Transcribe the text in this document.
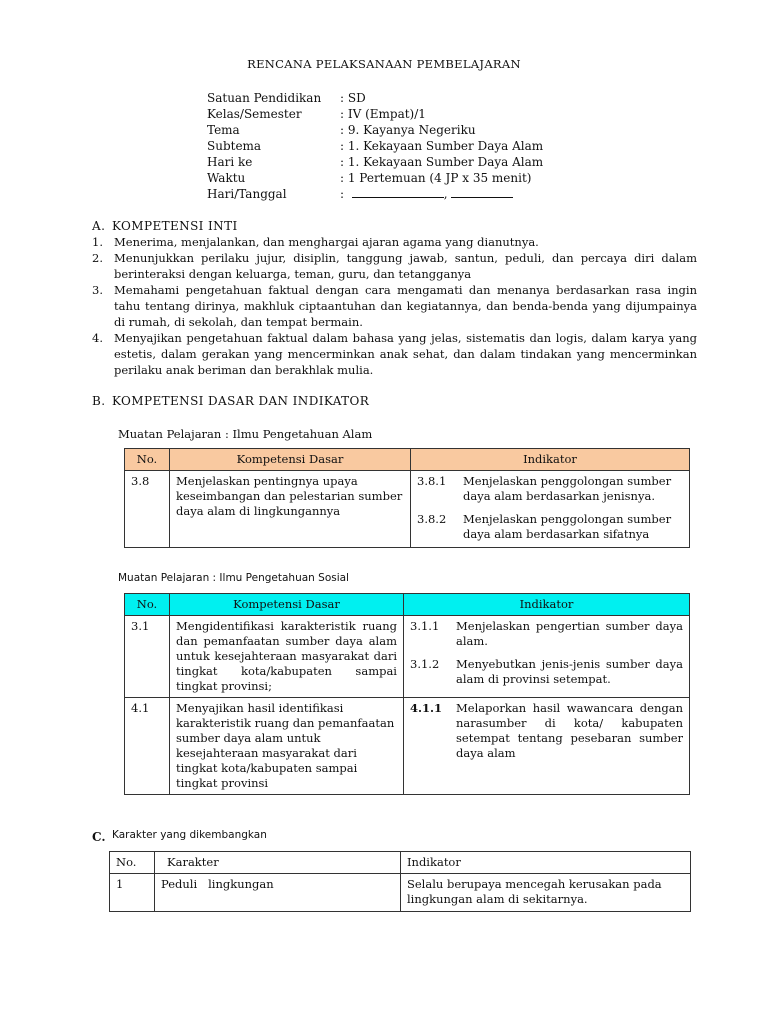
RENCANA PELAKSANAAN PEMBELAJARAN
Satuan Pendidikan : SD
Kelas/Semester	: IV (Empat)/1
Tema	: 9. Kayanya Negeriku
Subtema	: 1. Kekayaan Sumber Daya Alam
Hari ke	: 1. Kekayaan Sumber Daya Alam
Waktu	: 1 Pertemuan (4 JP x 35 menit)
Hari/Tanggal	:	,
A. KOMPETENSI INTI
1. Menerima, menjalankan, dan menghargai ajaran agama yang dianutnya.
2. Menunjukkan perilaku jujur, disiplin, tanggung jawab, santun, peduli, dan percaya diri dalam berinteraksi dengan keluarga, teman, guru, dan tetangganya
3. Memahami pengetahuan faktual dengan cara mengamati dan menanya berdasarkan rasa ingin tahu tentang dirinya, makhluk ciptaantuhan dan kegiatannya, dan benda-benda yang dijumpainya di rumah, di sekolah, dan tempat bermain.
4. Menyajikan pengetahuan faktual dalam bahasa yang jelas, sistematis dan logis, dalam karya yang estetis, dalam gerakan yang mencerminkan anak sehat, dan dalam tindakan yang mencerminkan perilaku anak beriman dan berakhlak mulia.
B. KOMPETENSI DASAR DAN INDIKATOR
Muatan Pelajaran : Ilmu Pengetahuan Alam
No.	Kompetensi Dasar	Indikator
3.8	Menjelaskan pentingnya upaya keseimbangan dan pelestarian sumber daya alam di lingkungannya	3.8.1 Menjelaskan penggolongan sumber daya alam berdasarkan jenisnya.
3.8.2 Menjelaskan penggolongan sumber daya alam berdasarkan sifatnya
Muatan Pelajaran : Ilmu Pengetahuan Sosial
No.	Kompetensi Dasar	Indikator
3.1	Mengidentifikasi karakteristik ruang dan pemanfaatan sumber daya alam untuk kesejahteraan masyarakat dari tingkat kota/kabupaten sampai tingkat provinsi;	3.1.1 Menjelaskan pengertian sumber daya alam.
3.1.2 Menyebutkan jenis-jenis sumber daya alam di provinsi setempat.

4.1	Menyajikan hasil identifikasi karakteristik ruang dan pemanfaatan sumber daya alam untuk kesejahteraan masyarakat dari tingkat kota/kabupaten sampai tingkat provinsi	4.1.1 Melaporkan hasil wawancara dengan narasumber di kota/ kabupaten setempat tentang pesebaran sumber daya alam
C. Karakter yang dikembangkan
No.	Karakter	Indikator
1	Peduli   lingkungan	Selalu berupaya mencegah kerusakan pada lingkungan alam di sekitarnya.
